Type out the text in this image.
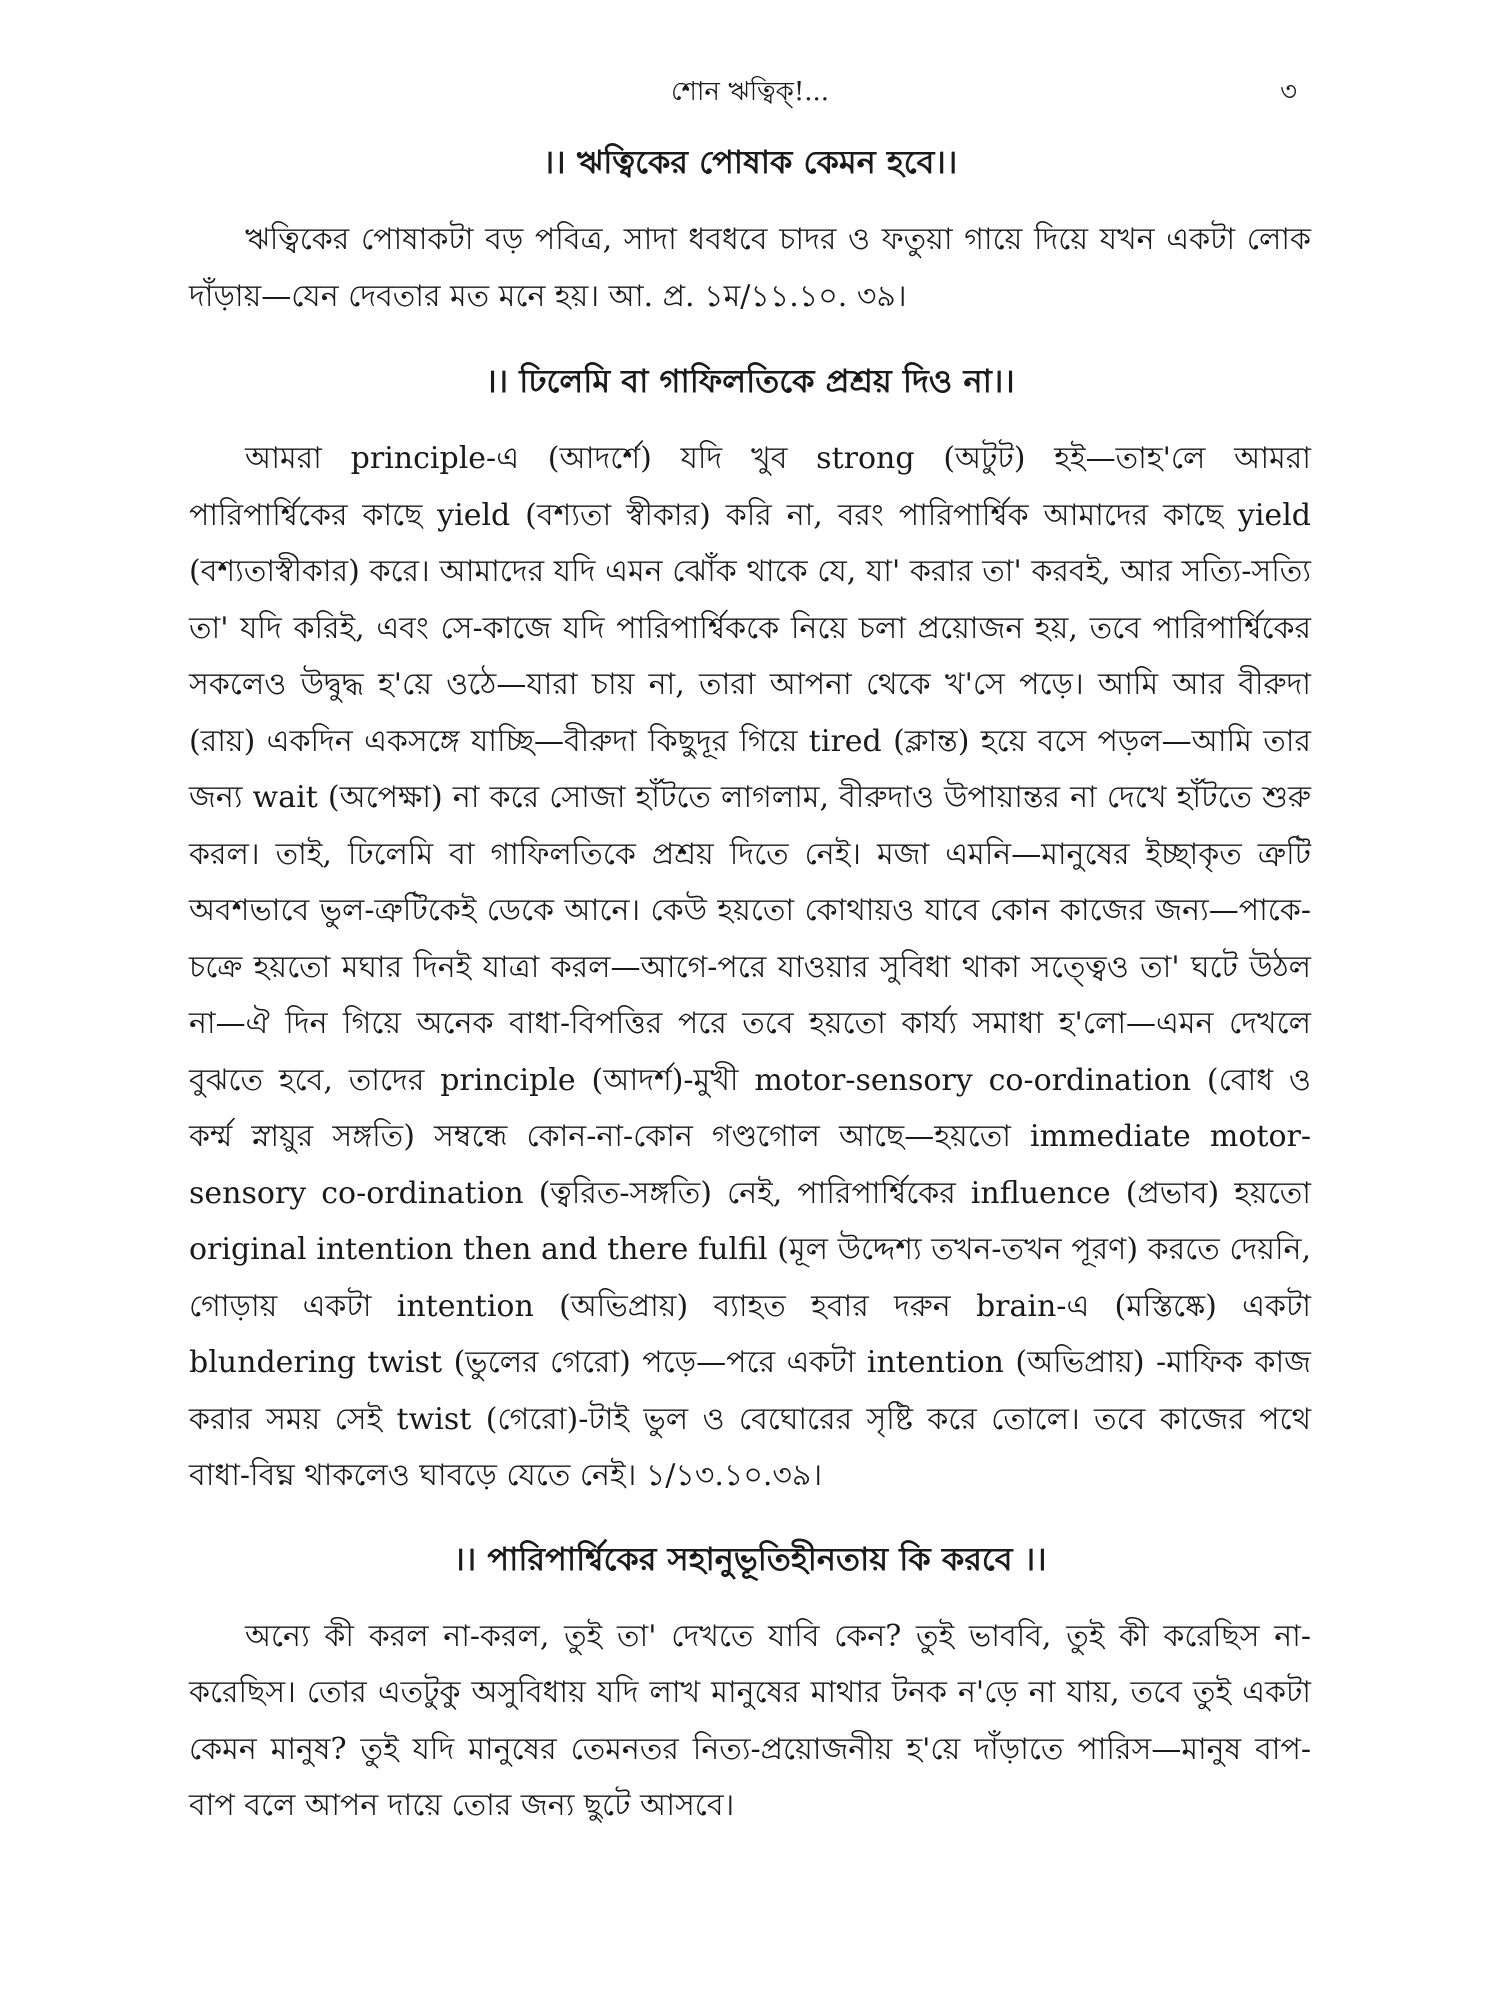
শোন ঋত্বিক্‌!...	৩
।। ঋত্বিকের পোষাক কেমন হবে।।

ঋত্বিকের পোষাকটা বড় পবিত্র, সাদা ধবধবে চাদর ও ফতুয়া গায়ে দিয়ে যখন একটা লোক দাঁড়ায়—যেন দেবতার মত মনে হয়। আ. প্র. ১ম/১১.১০. ৩৯।

।। ঢিলেমি বা গাফিলতিকে প্রশ্রয় দিও না।।

আমরা principle-এ (আদর্শে) যদি খুব strong (অটুট) হই—তাহ'লে আমরা পারিপার্শ্বিকের কাছে yield (বশ্যতা স্বীকার) করি না, বরং পারিপার্শ্বিক আমাদের কাছে yield (বশ্যতাস্বীকার) করে। আমাদের যদি এমন ঝোঁক থাকে যে, যা' করার তা' করবই, আর সত্যি-সত্যি তা' যদি করিই, এবং সে-কাজে যদি পারিপার্শ্বিককে নিয়ে চলা প্রয়োজন হয়, তবে পারিপার্শ্বিকের সকলেও উদ্বুদ্ধ হ'য়ে ওঠে—যারা চায় না, তারা আপনা থেকে খ'সে পড়ে। আমি আর বীরুদা (রায়) একদিন একসঙ্গে যাচ্ছি—বীরুদা কিছুদূর গিয়ে tired (ক্লান্ত) হয়ে বসে পড়ল—আমি তার জন্য wait (অপেক্ষা) না করে সোজা হাঁটতে লাগলাম, বীরুদাও উপায়ান্তর না দেখে হাঁটতে শুরু করল। তাই, ঢিলেমি বা গাফিলতিকে প্রশ্রয় দিতে নেই। মজা এমনি—মানুষের ইচ্ছাকৃত ত্রুটি অবশভাবে ভুল-ত্রুটিকেই ডেকে আনে। কেউ হয়তো কোথায়ও যাবে কোন কাজের জন্য—পাকে-চক্রে হয়তো মঘার দিনই যাত্রা করল—আগে-পরে যাওয়ার সুবিধা থাকা সত্ত্বেও তা' ঘটে উঠল না—ঐ দিন গিয়ে অনেক বাধা-বিপত্তির পরে তবে হয়তো কার্য্য সমাধা হ'লো—এমন দেখলে বুঝতে হবে, তাদের principle (আদর্শ)-মুখী motor-sensory co-ordination (বোধ ও কর্ম্ম স্নায়ুর সঙ্গতি) সম্বন্ধে কোন-না-কোন গণ্ডগোল আছে—হয়তো immediate motor-sensory co-ordination (ত্বরিত-সঙ্গতি) নেই, পারিপার্শ্বিকের influence (প্রভাব) হয়তো original intention then and there fulfil (মূল উদ্দেশ্য তখন-তখন পূরণ) করতে দেয়নি, গোড়ায় একটা intention (অভিপ্রায়) ব্যাহত হবার দরুন brain-এ (মস্তিষ্কে) একটা blundering twist (ভুলের গেরো) পড়ে—পরে একটা intention (অভিপ্রায়) -মাফিক কাজ করার সময় সেই twist (গেরো)-টাই ভুল ও বেঘোরের সৃষ্টি করে তোলে। তবে কাজের পথে বাধা-বিঘ্ন থাকলেও ঘাবড়ে যেতে নেই। ১/১৩.১০.৩৯।

।। পারিপার্শ্বিকের সহানুভূতিহীনতায় কি করবে ।।

অন্যে কী করল না-করল, তুই তা' দেখতে যাবি কেন? তুই ভাববি, তুই কী করেছিস না-করেছিস। তোর এতটুকু অসুবিধায় যদি লাখ মানুষের মাথার টনক ন'ড়ে না যায়, তবে তুই একটা কেমন মানুষ? তুই যদি মানুষের তেমনতর নিত্য-প্রয়োজনীয় হ'য়ে দাঁড়াতে পারিস—মানুষ বাপ-বাপ বলে আপন দায়ে তোর জন্য ছুটে আসবে।
